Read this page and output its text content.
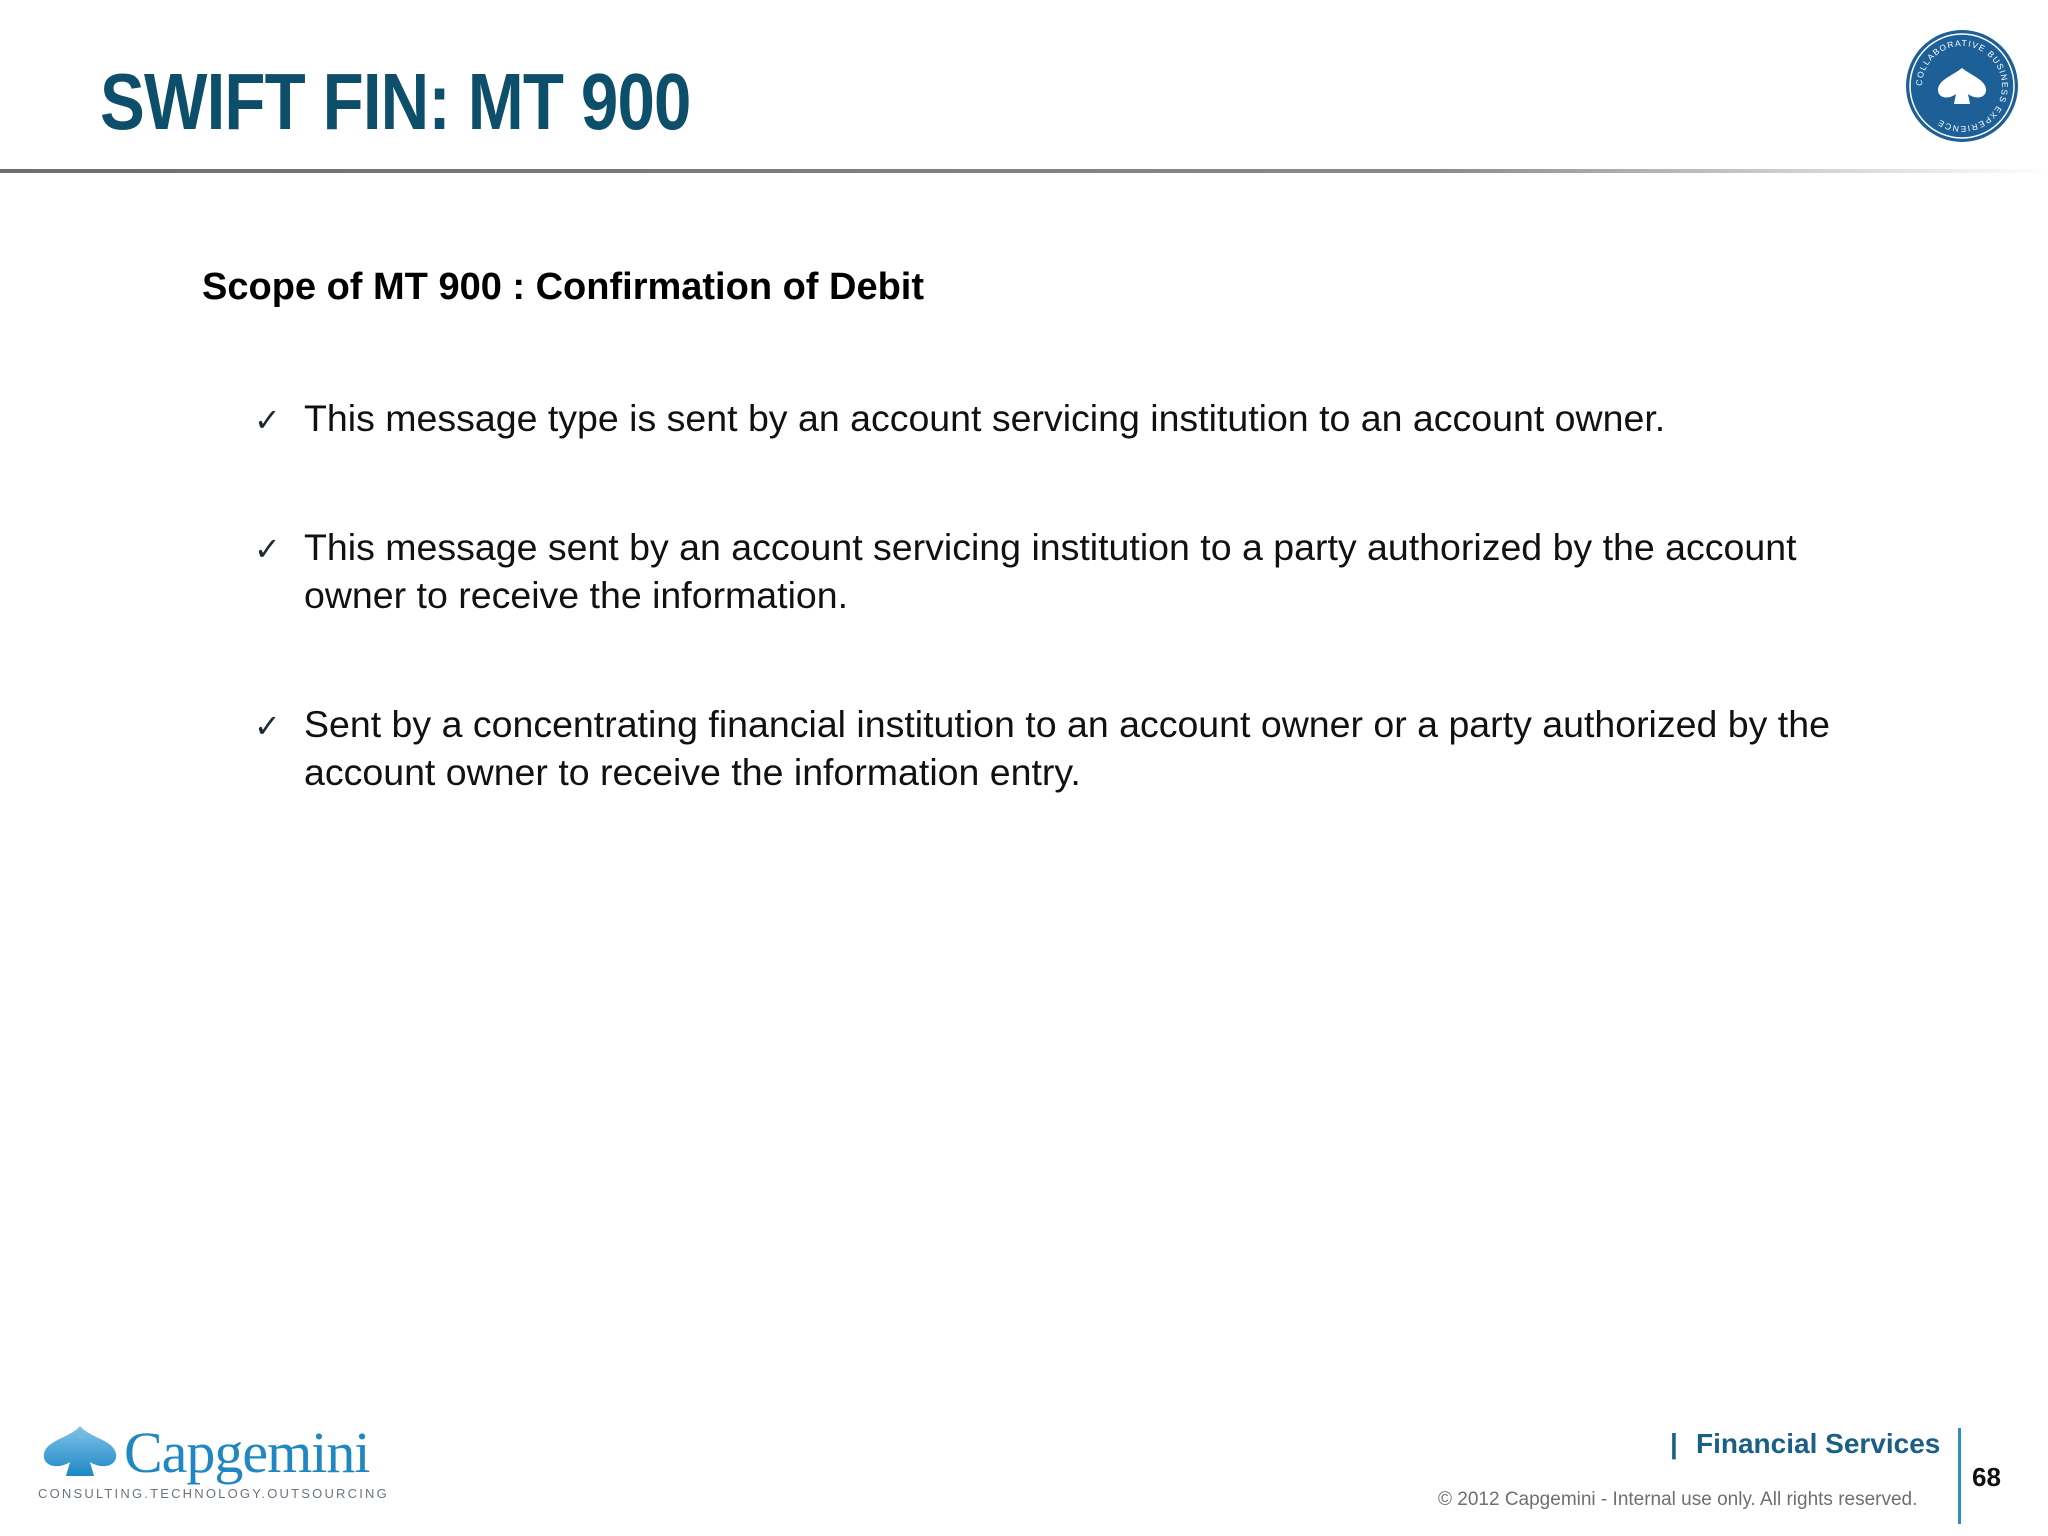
SWIFT FIN: MT 900	COLLABORATIVE BUSINESS EXPERIENCE
Scope of MT 900 : Confirmation of Debit
✓ This message type is sent by an account servicing institution to an account owner.
✓ This message sent by an account servicing institution to a party authorized by the account owner to receive the information.
✓ Sent by a concentrating financial institution to an account owner or a party authorized by the account owner to receive the information entry.
Capgemini
CONSULTING.TECHNOLOGY.OUTSOURCING
| Financial Services
© 2012 Capgemini - Internal use only. All rights reserved.
68
